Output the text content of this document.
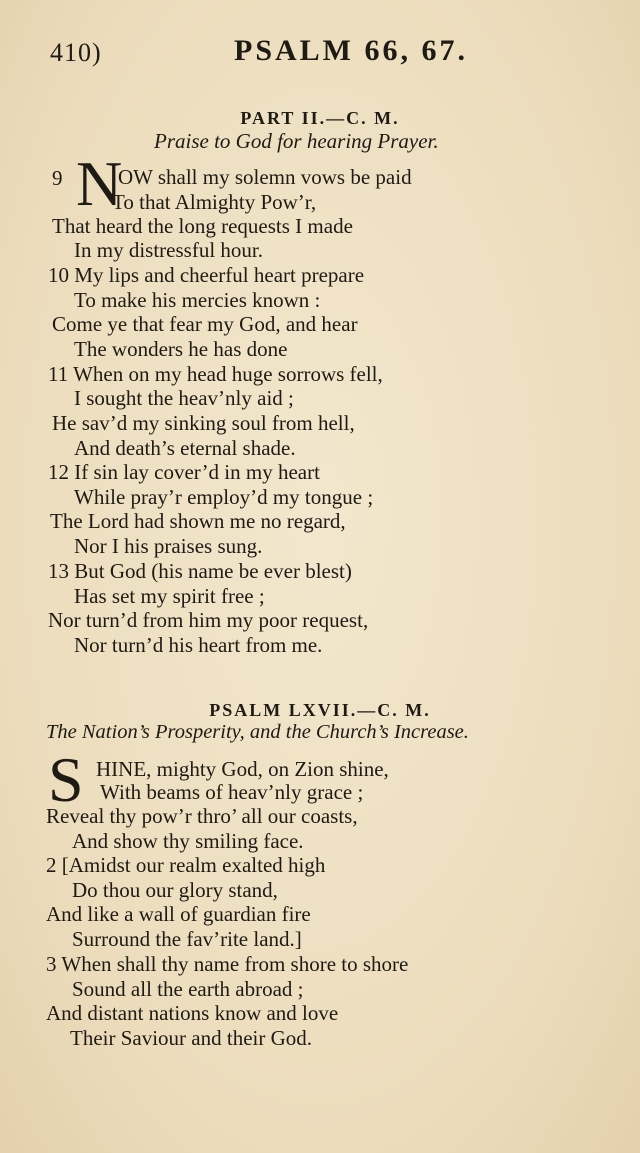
410)	PSALM 66, 67.
PART II.—C. M.
Praise to God for hearing Prayer.
9 N
OW shall my solemn vows be paid
To that Almighty Pow’r,
That heard the long requests I made
In my distressful hour.
10 My lips and cheerful heart prepare
To make his mercies known :
Come ye that fear my God, and hear
The wonders he has done
11 When on my head huge sorrows fell,
I sought the heav’nly aid ;
He sav’d my sinking soul from hell,
And death’s eternal shade.
12 If sin lay cover’d in my heart
While pray’r employ’d my tongue ;
The Lord had shown me no regard,
Nor I his praises sung.
13 But God (his name be ever blest)
Has set my spirit free ;
Nor turn’d from him my poor request,
Nor turn’d his heart from me.
PSALM LXVII.—C. M.
The Nation’s Prosperity, and the Church’s Increase.
S HINE, mighty God, on Zion shine,
With beams of heav’nly grace ;
Reveal thy pow’r thro’ all our coasts,
And show thy smiling face.
2 [Amidst our realm exalted high
Do thou our glory stand,
And like a wall of guardian fire
Surround the fav’rite land.]
3 When shall thy name from shore to shore
Sound all the earth abroad ;
And distant nations know and love
Their Saviour and their God.
